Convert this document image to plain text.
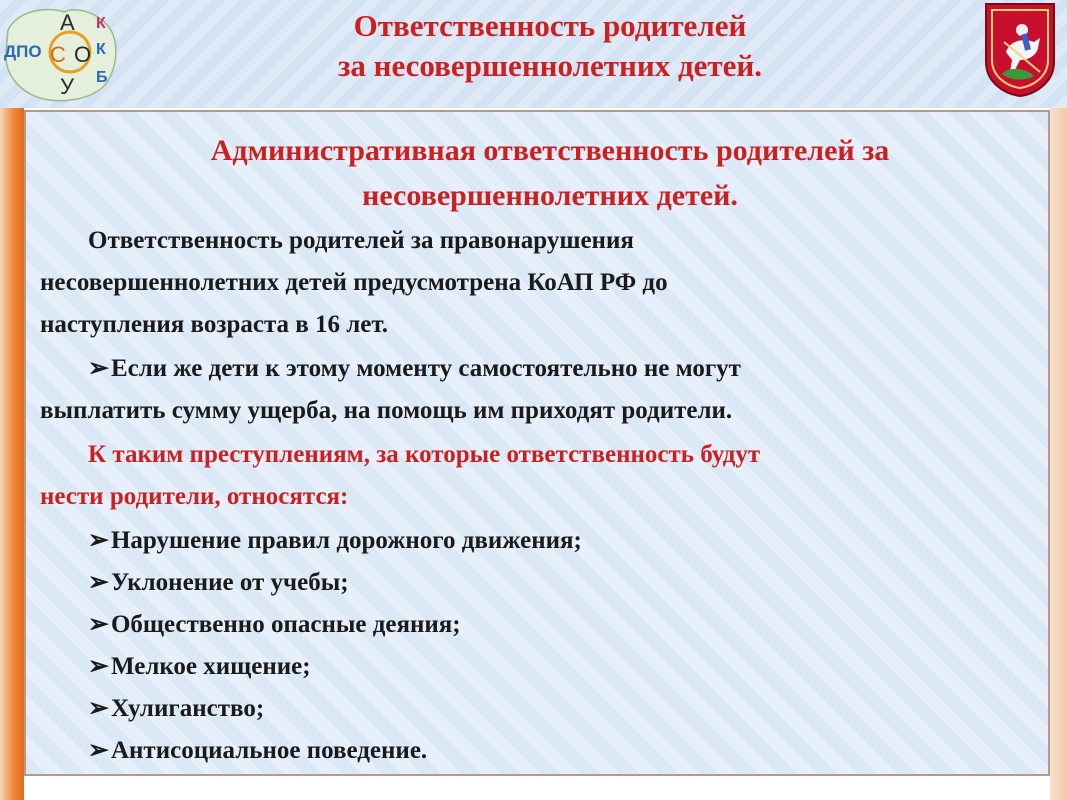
ДПО
А
С О
У
К
К
Б
Ответственность родителей
за несовершеннолетних детей.
Административная ответственность родителей за
несовершеннолетних детей.
Ответственность родителей за правонарушения
несовершеннолетних детей предусмотрена КоАП РФ до
наступления возраста в 16 лет.
➢Если же дети к этому моменту самостоятельно не могут
выплатить сумму ущерба, на помощь им приходят родители.
К таким преступлениям, за которые ответственность будут
нести родители, относятся:
➢Нарушение правил дорожного движения;
➢Уклонение от учебы;
➢Общественно опасные деяния;
➢Мелкое хищение;
➢Хулиганство;
➢Антисоциальное поведение.
